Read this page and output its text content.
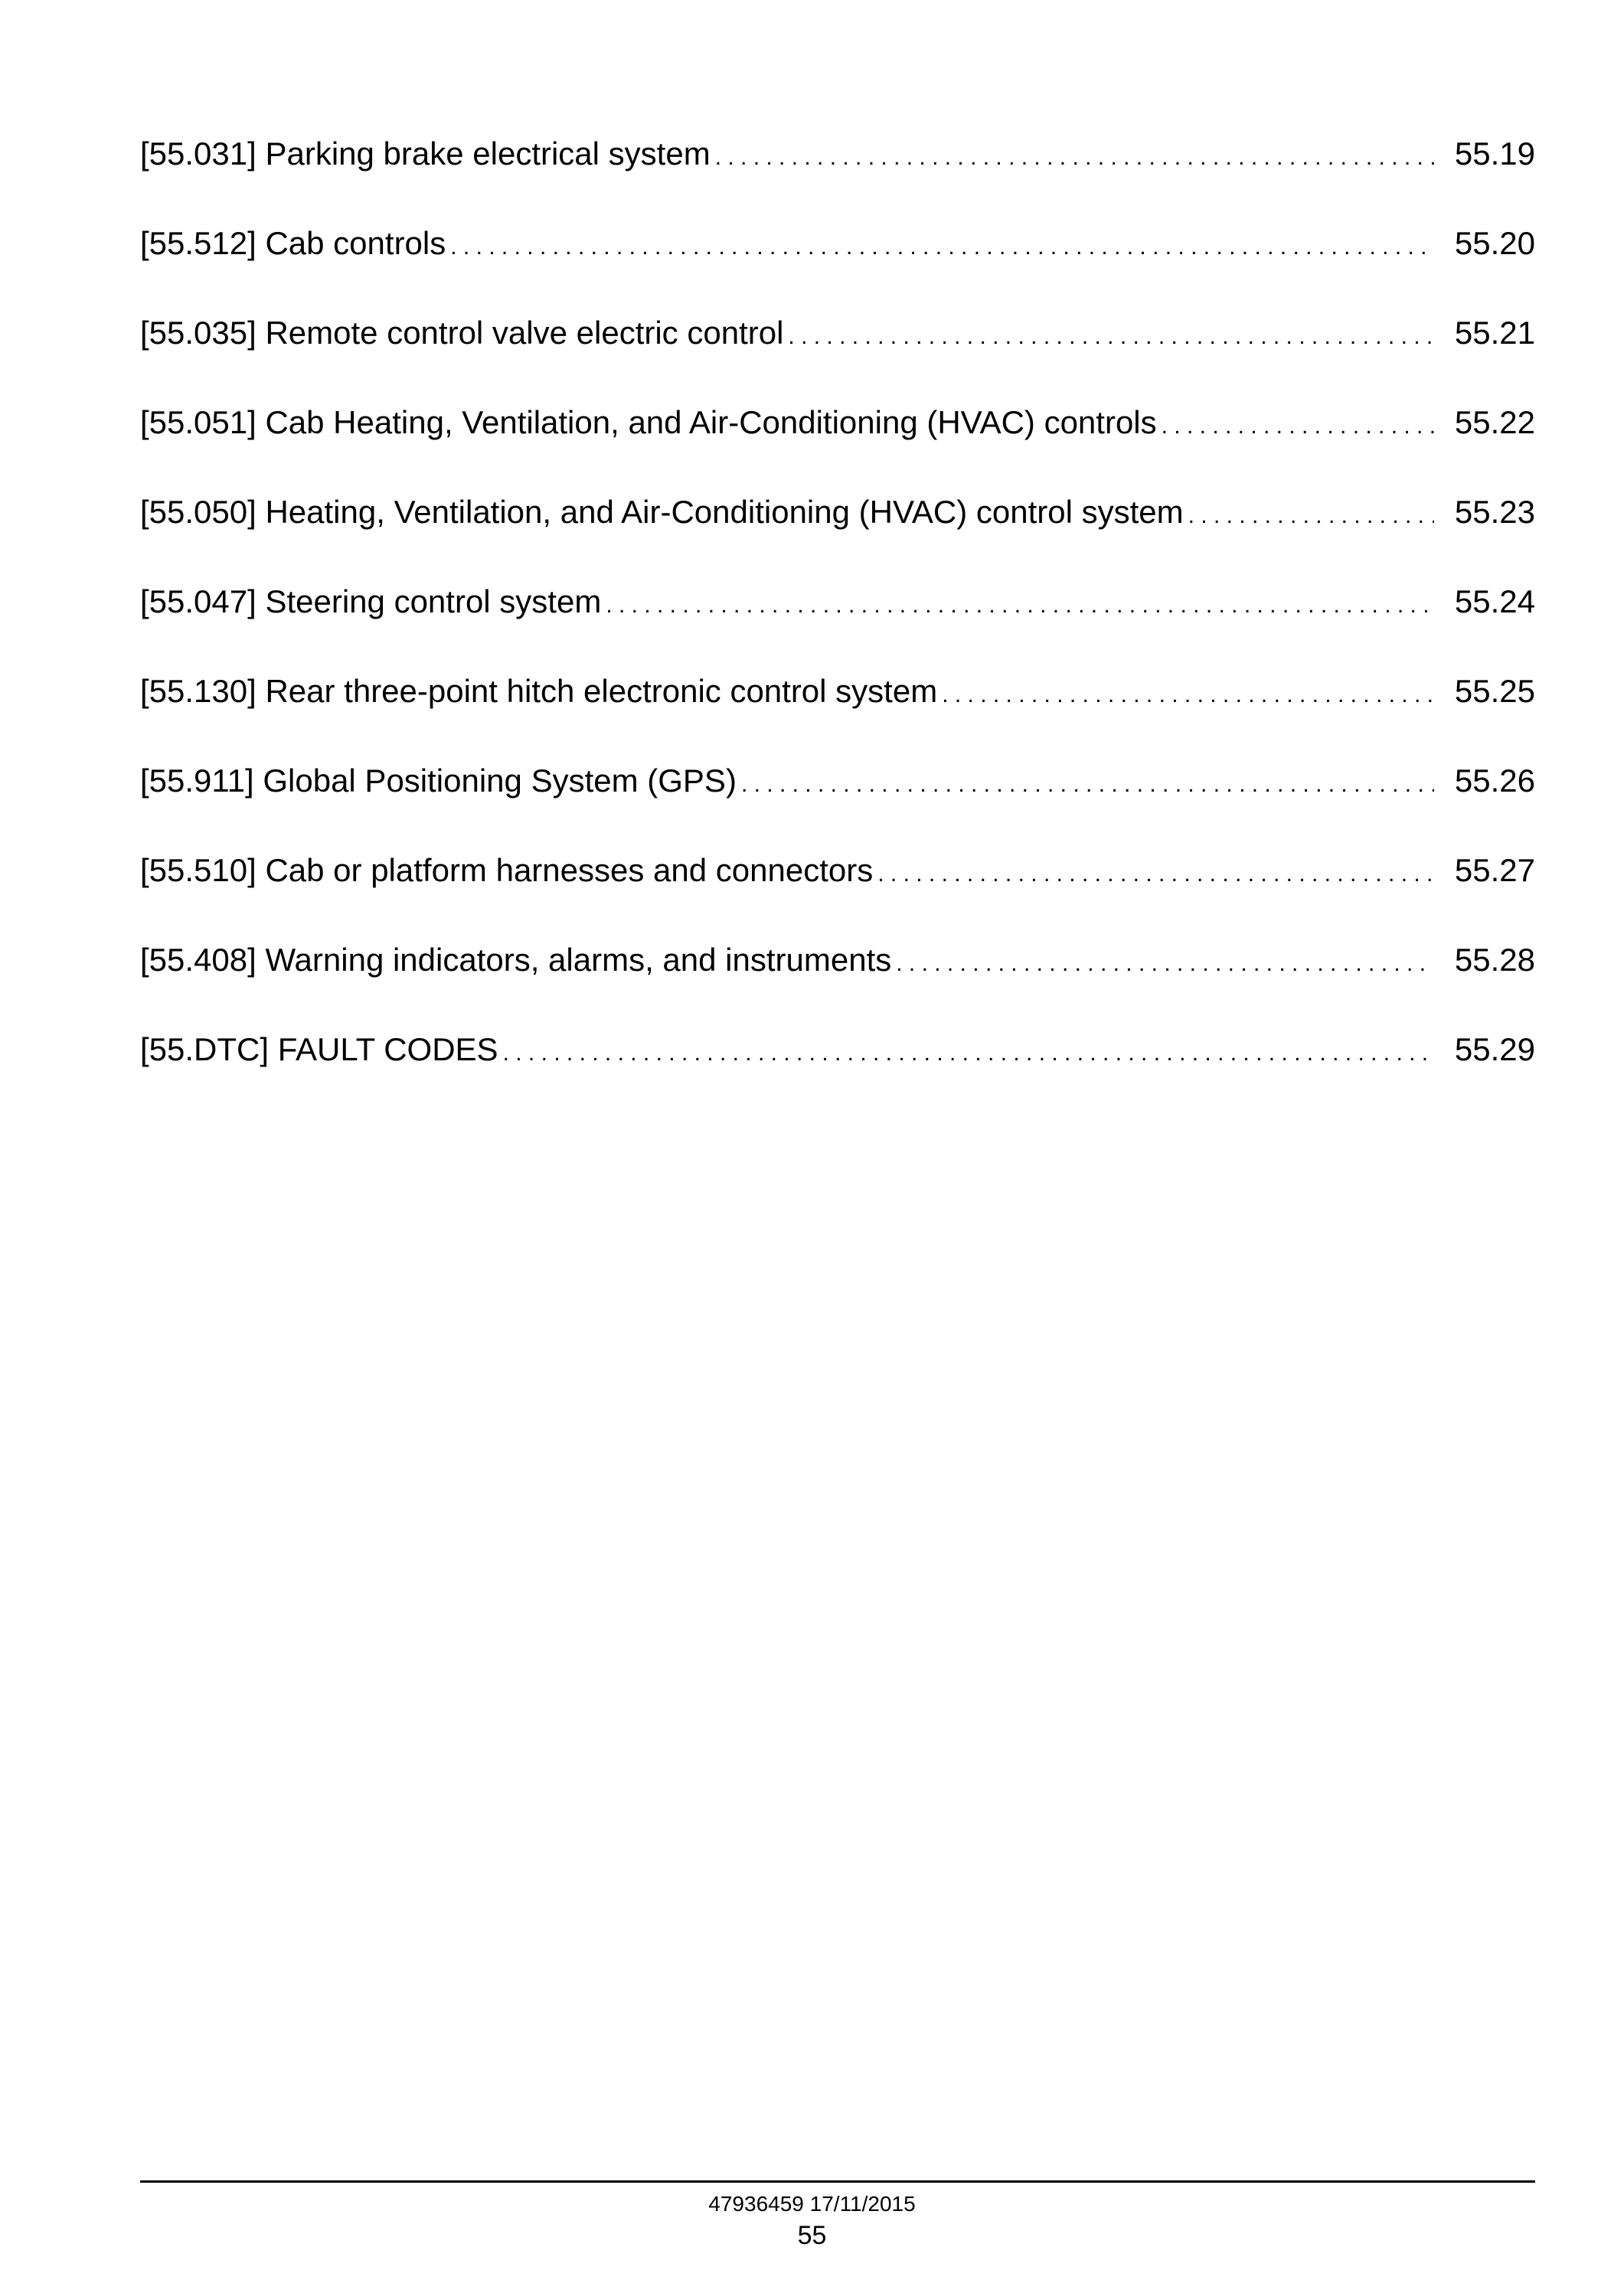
[55.031] Parking brake electrical system . . .	55.19
[55.512] Cab controls . . .	55.20
[55.035] Remote control valve electric control . . .	55.21
[55.051] Cab Heating, Ventilation, and Air-Conditioning (HVAC) controls . . .	55.22
[55.050] Heating, Ventilation, and Air-Conditioning (HVAC) control system . . .	55.23
[55.047] Steering control system . . .	55.24
[55.130] Rear three-point hitch electronic control system . . .	55.25
[55.911] Global Positioning System (GPS) . . .	55.26
[55.510] Cab or platform harnesses and connectors . . .	55.27
[55.408] Warning indicators, alarms, and instruments . . .	55.28
[55.DTC] FAULT CODES . . .	55.29
47936459 17/11/2015
55
